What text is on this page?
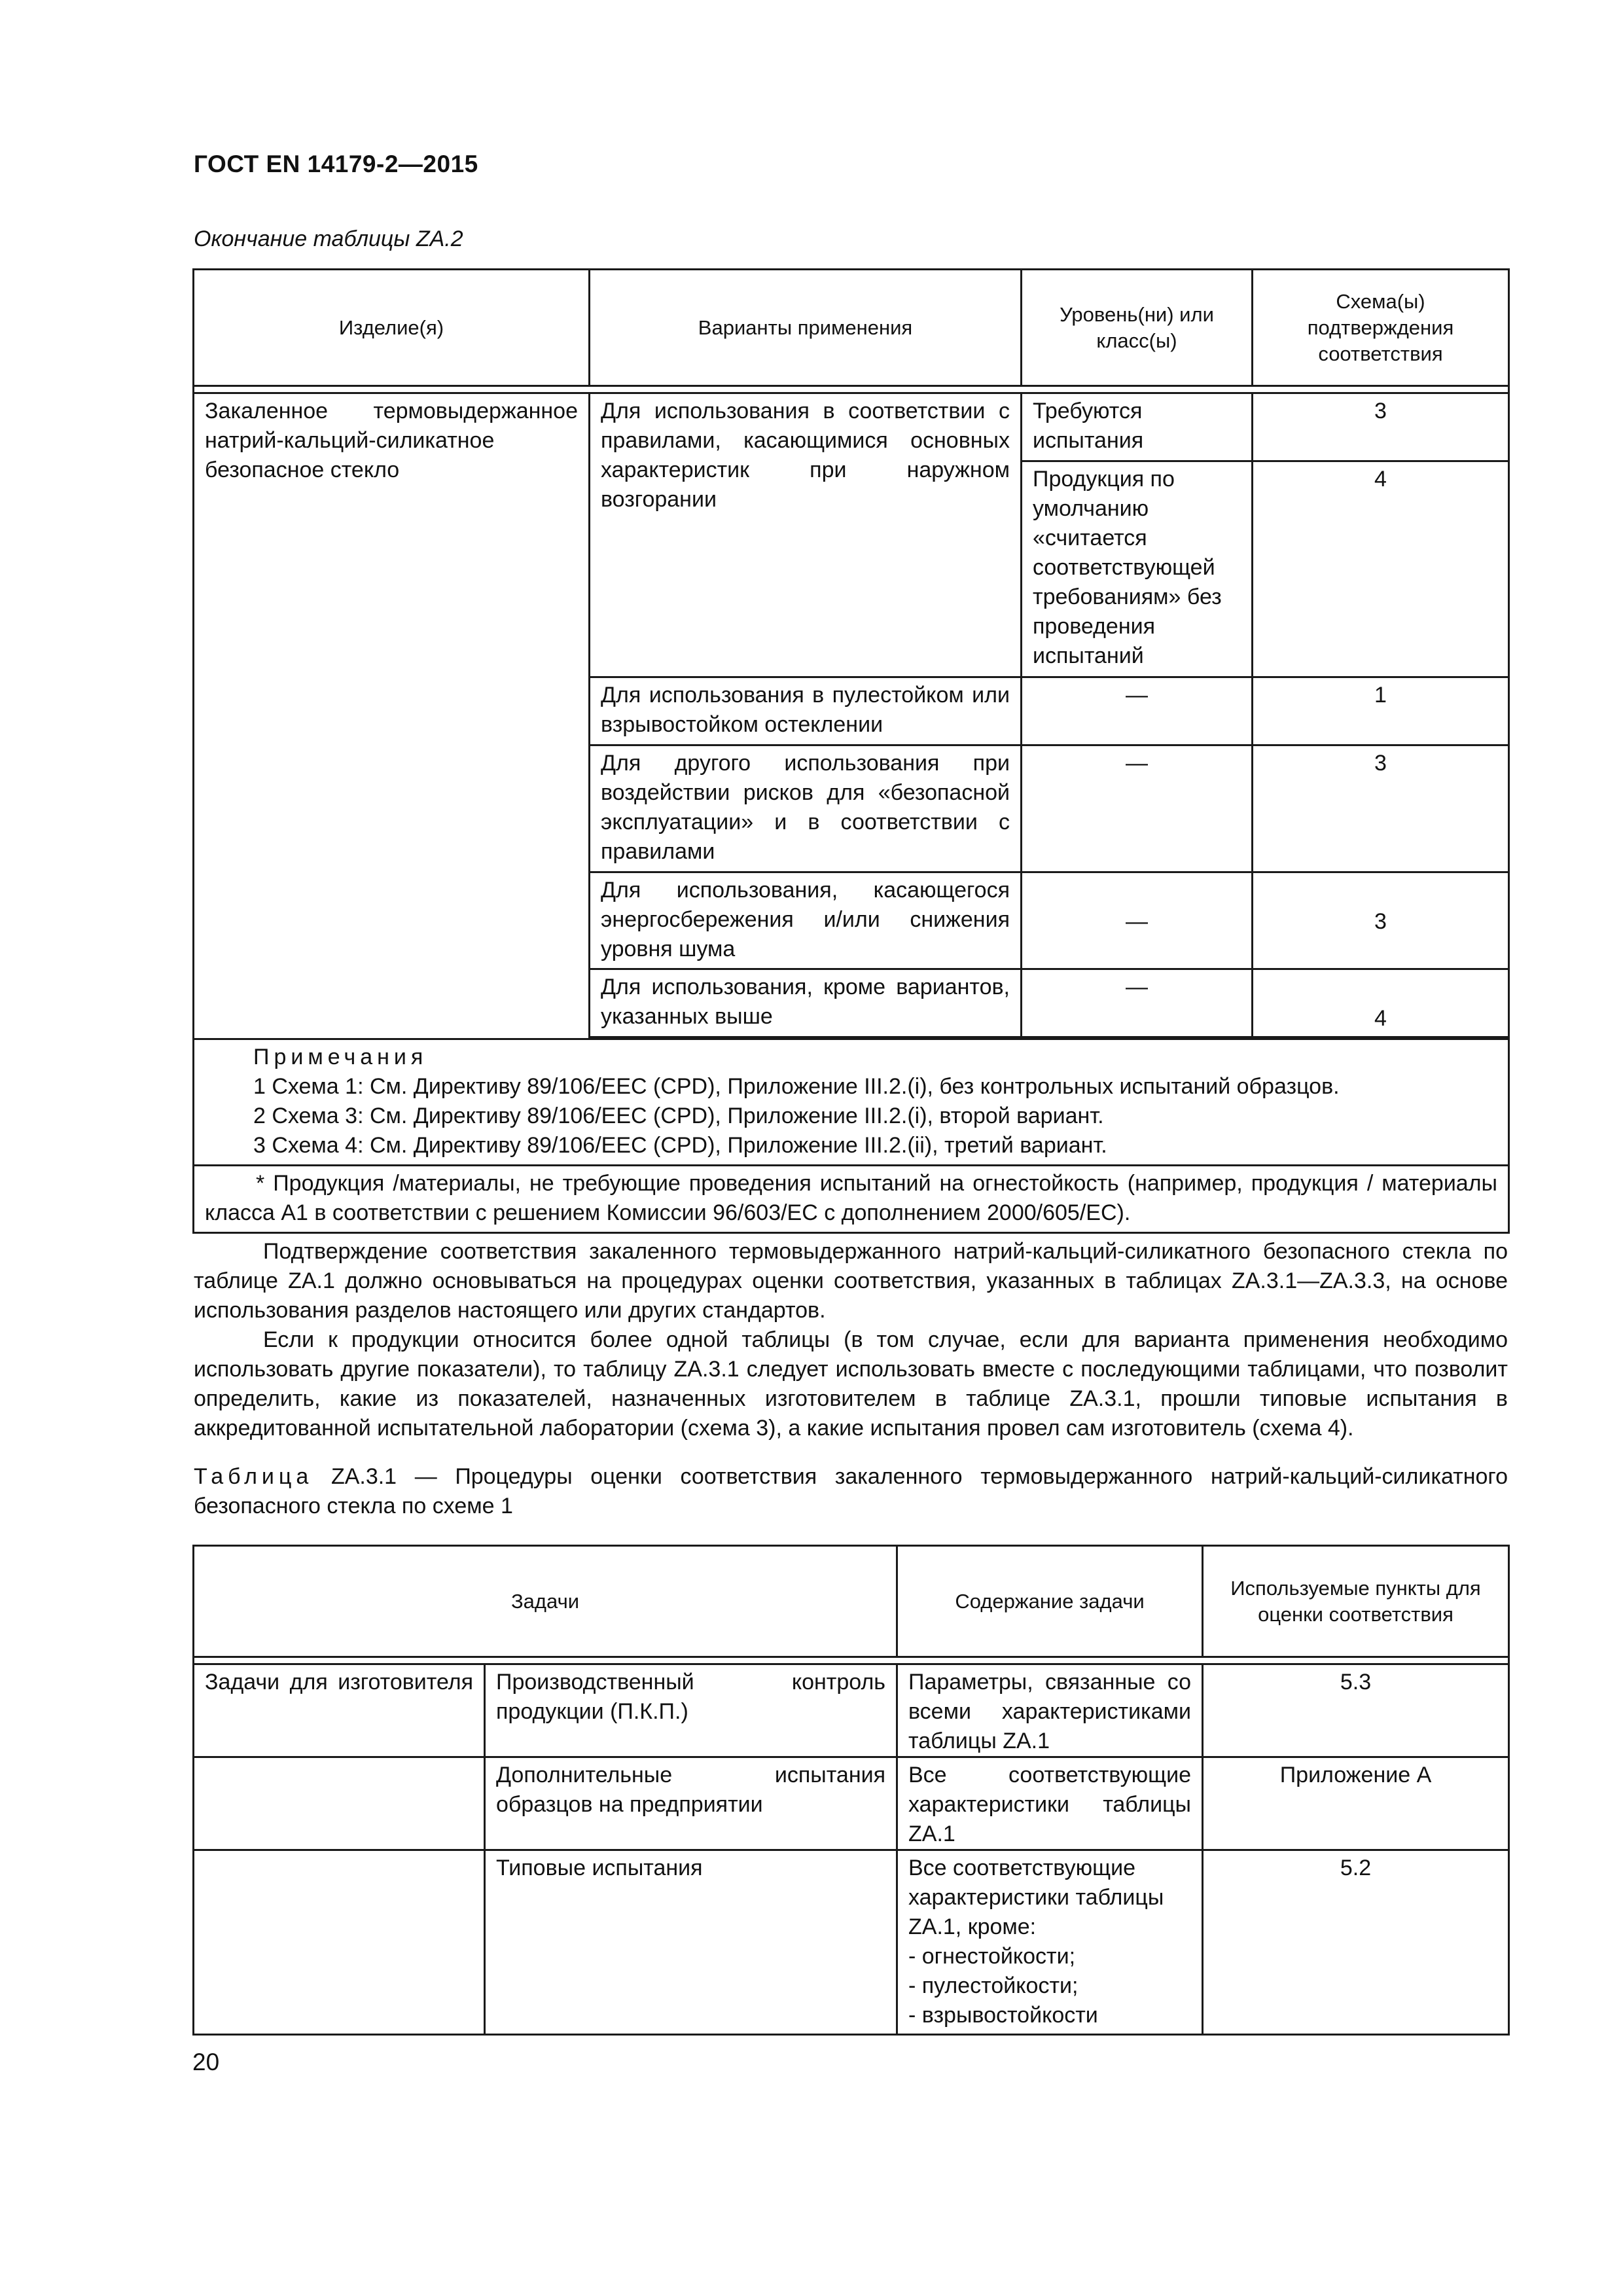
ГОСТ EN 14179-2—2015
Окончание таблицы ZA.2
Изделие(я)	Варианты применения	Уровень(ни) или класс(ы)	Схема(ы) подтверждения соответствия

Закаленное термовыдержанное натрий-кальций-силикатное безопасное стекло	Для использования в соответствии с правилами, касающимися основных характеристик при наружном возгорании	Требуются испытания	3
		Продукция по умолчанию «считается соответствующей требованиям» без проведения испытаний	4
	Для использования в пулестойком или взрывостойком остеклении	—	1
	Для другого использования при воздействии рисков для «безопасной эксплуатации» и в соответствии с правилами	—	3
	Для использования, касающегося энергосбережения и/или снижения уровня шума	—	3
	Для использования, кроме вариантов, указанных выше	—	4

Примечания
1 Схема 1: См. Директиву 89/106/ЕЕС (CPD), Приложение III.2.(i), без контрольных испытаний образцов.
2 Схема 3: См. Директиву 89/106/ЕЕС (CPD), Приложение III.2.(i), второй вариант.
3 Схема 4: См. Директиву 89/106/ЕЕС (CPD), Приложение III.2.(ii), третий вариант.			

* Продукция /материалы, не требующие проведения испытаний на огнестойкость (например, продукция / материалы класса А1 в соответствии с решением Комиссии 96/603/ЕС с дополнением 2000/605/ЕС).			
Подтверждение соответствия закаленного термовыдержанного натрий-кальций-силикатного безопасного стекла по таблице ZA.1 должно основываться на процедурах оценки соответствия, указанных в таблицах ZA.3.1—ZA.3.3, на основе использования разделов настоящего или других стандартов.
Если к продукции относится более одной таблицы (в том случае, если для варианта применения необходимо использовать другие показатели), то таблицу ZA.3.1 следует использовать вместе с последующими таблицами, что позволит определить, какие из показателей, назначенных изготовителем в таблице ZA.3.1, прошли типовые испытания в аккредитованной испытательной лаборатории (схема 3), а какие испытания провел сам изготовитель (схема 4).
Таблица ZA.3.1 — Процедуры оценки соответствия закаленного термовыдержанного натрий-кальций-силикатного безопасного стекла по схеме 1
Задачи		Содержание задачи	Используемые пункты для оценки соответствия

Задачи для изготовителя	Производственный контроль продукции (П.К.П.)	Параметры, связанные со всеми характеристиками таблицы ZA.1	5.3
	Дополнительные испытания образцов на предприятии	Все соответствующие характеристики таблицы ZA.1	Приложение А
	Типовые испытания	Все соответствующие характеристики таблицы ZA.1, кроме:
- огнестойкости;
- пулестойкости;
- взрывостойкости	5.2
20
